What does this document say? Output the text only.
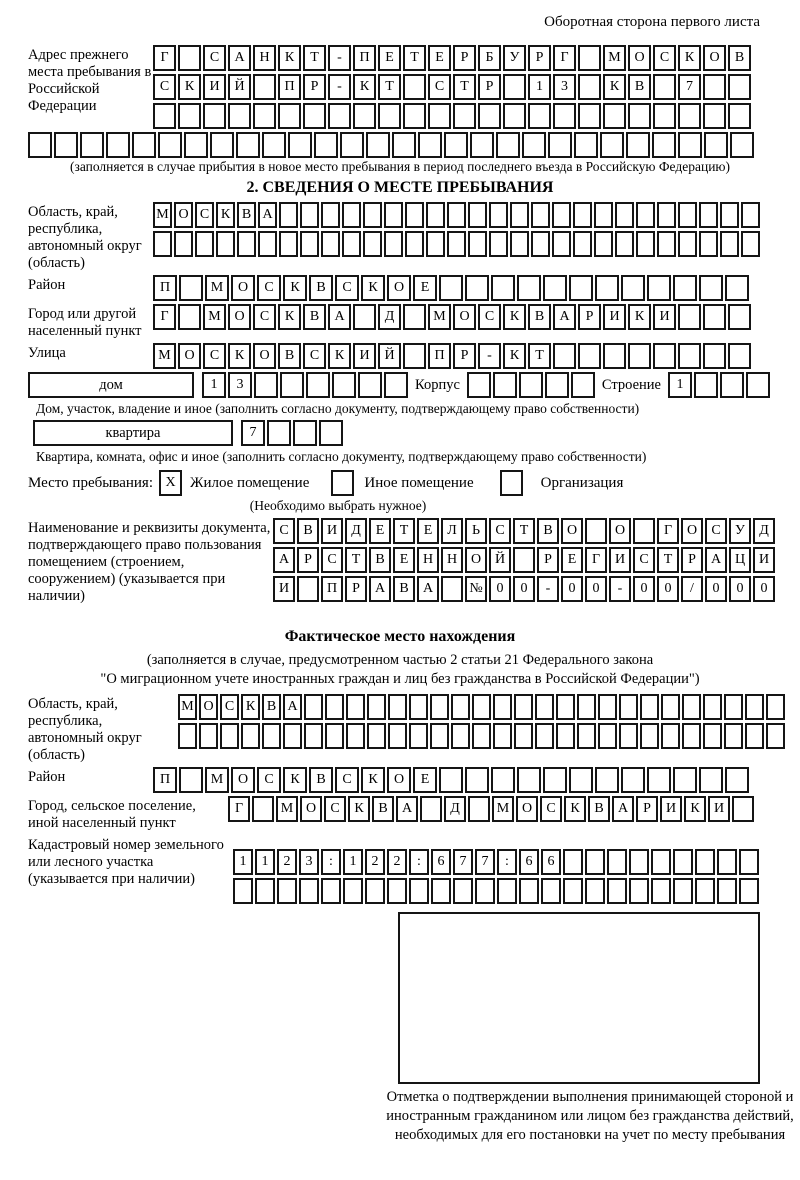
Оборотная сторона первого листа
Адрес прежнего места пребывания в Российской Федерации
Г	С	А	Н	К	Т	-	П	Е	Т	Е	Р	Б	У	Р	Г	М О	С	К	О	В
С	К	И	Й	П	Р	-	К	Т	С	Т	Р	1	3	К	В	7
(заполняется в случае прибытия в новое место пребывания в период последнего въезда в Российскую Федерацию)
2. СВЕДЕНИЯ О МЕСТЕ ПРЕБЫВАНИЯ
Область, край, республика, автономный округ (область)
М О С К В А
Район	П	М	О	С	К	В	С	К	О	Е
Город или другой населенный пункт
Г	М О	С	К	В	А	Д	М О	С	К	В	А	Р	И	К	И
Улица	М О	С	К	О	В	С	К	И	Й	П	Р	-	К	Т
дом	1	3	Корпус	Строение	1
Дом, участок, владение и иное (заполнить согласно документу, подтверждающему право собственности)
квартира	7
Квартира, комната, офис и иное (заполнить согласно документу, подтверждающему право собственности)
Место пребывания: X Жилое помещение	Иное помещение	Организация
(Необходимо выбрать нужное)
Наименование и реквизиты документа, подтверждающего право пользования помещением (строением, сооружением) (указывается при наличии)
С	В	И	Д	Е	Т	Е	Л	Ь	С	Т	В	О	О	Г	О	С	У	Д
А	Р	С	Т	В	Е	Н Н О Й	Р	Е	Г	И	С	Т	Р	А Ц И
И	П	Р	А	В	А	№ 0	0	-	0	0	-	0	0	/	0	0	0
Фактическое место нахождения
(заполняется в случае, предусмотренном частью 2 статьи 21 Федерального закона
"О миграционном учете иностранных граждан и лиц без гражданства в Российской Федерации")
Область, край, республика, автономный округ (область)
М О С К В А
Район	П	М	О	С	К	В	С	К	О	Е
Город, сельское поселение, иной населенный пункт
Г	М О	С	К	В	А	Д	М О	С	К	В	А	Р	И	К	И
Кадастровый номер земельного или лесного участка (указывается при наличии)
1	1	2	3	:	1	2	2	:	6	7	7	:	6	6
Отметка о подтверждении выполнения принимающей стороной и иностранным гражданином или лицом без гражданства действий, необходимых для его постановки на учет по месту пребывания
